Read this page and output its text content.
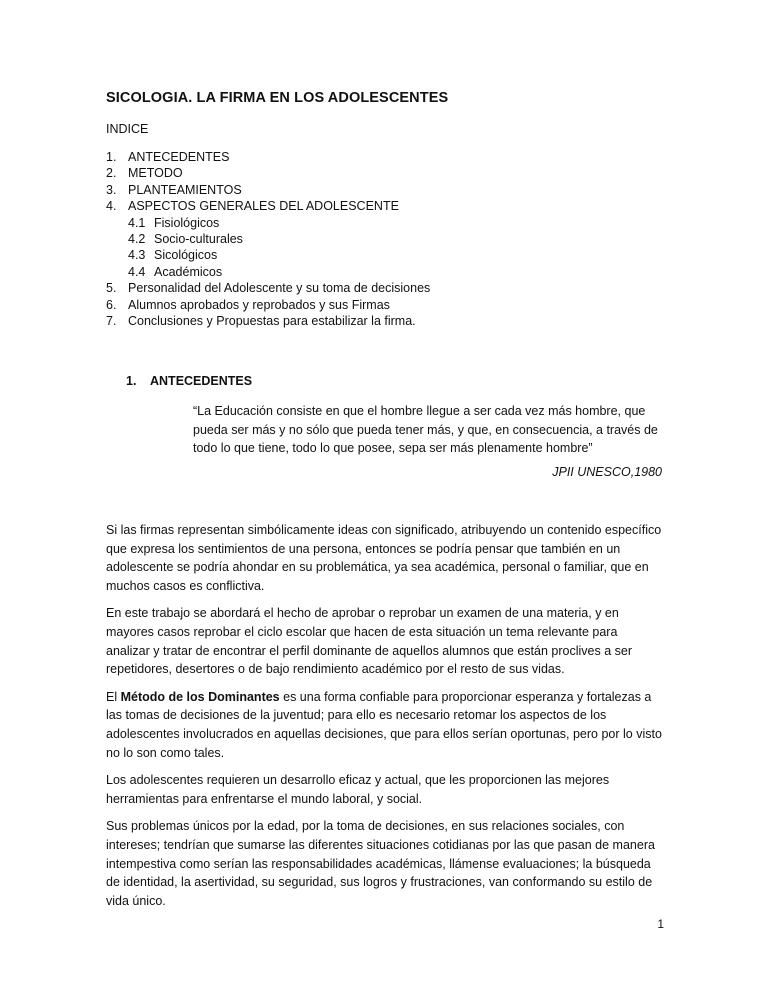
SICOLOGIA. LA FIRMA EN LOS ADOLESCENTES
INDICE
1. ANTECEDENTES
2. METODO
3. PLANTEAMIENTOS
4. ASPECTOS GENERALES DEL ADOLESCENTE
4.1 Fisiológicos
4.2 Socio-culturales
4.3 Sicológicos
4.4 Académicos
5. Personalidad del Adolescente y su toma de decisiones
6. Alumnos aprobados y reprobados y sus Firmas
7. Conclusiones y Propuestas para estabilizar la firma.
1. ANTECEDENTES

“La Educación consiste en que el hombre llegue a ser cada vez más hombre, que pueda ser más y no sólo que pueda tener más, y que, en consecuencia, a través de todo lo que tiene, todo lo que posee, sepa ser más plenamente hombre”

JPII UNESCO,1980

Si las firmas representan simbólicamente ideas con significado, atribuyendo un contenido específico que expresa los sentimientos de una persona, entonces se podría pensar que también en un adolescente se podría ahondar en su problemática, ya sea académica, personal o familiar, que en muchos casos es conflictiva.

En este trabajo se abordará el hecho de aprobar o reprobar un examen de una materia, y en mayores casos reprobar el ciclo escolar que hacen de esta situación un tema relevante para analizar y tratar de encontrar el perfil dominante de aquellos alumnos que están proclives a ser repetidores, desertores o de bajo rendimiento académico por el resto de sus vidas.

El Método de los Dominantes es una forma confiable para proporcionar esperanza y fortalezas a las tomas de decisiones de la juventud; para ello es necesario retomar los aspectos de los adolescentes involucrados en aquellas decisiones, que para ellos serían oportunas, pero por lo visto no lo son como tales.

Los adolescentes requieren un desarrollo eficaz y actual, que les proporcionen las mejores herramientas para enfrentarse el mundo laboral, y social.

Sus problemas únicos por la edad, por la toma de decisiones, en sus relaciones sociales, con intereses; tendrían que sumarse las diferentes situaciones cotidianas por las que pasan de manera intempestiva como serían las responsabilidades académicas, llámense evaluaciones; la búsqueda de identidad, la asertividad, su seguridad, sus logros y frustraciones, van conformando su estilo de vida único.

1
